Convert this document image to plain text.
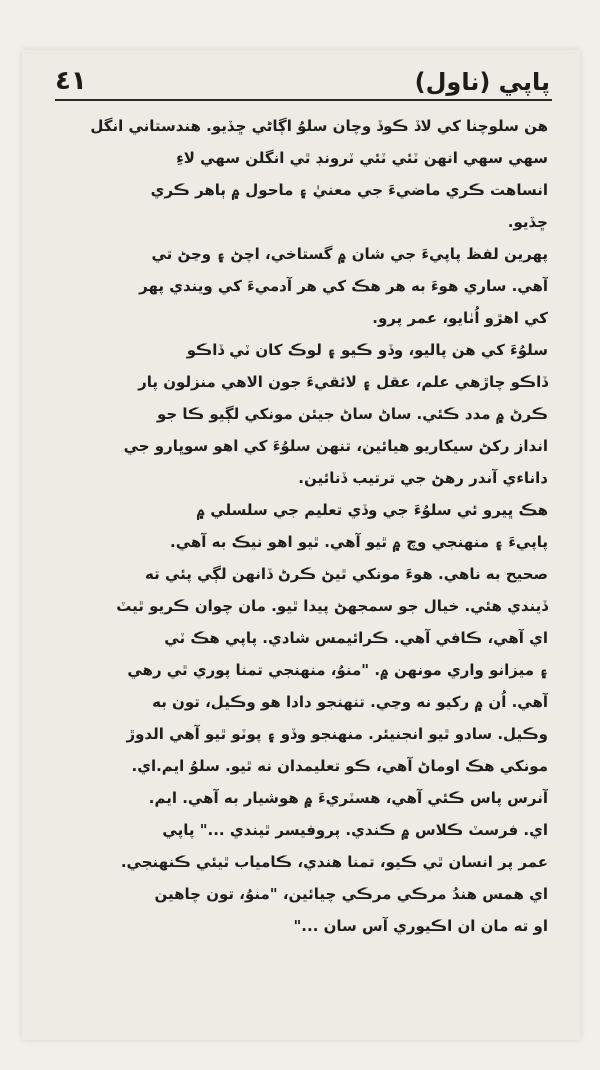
پاپي (ناول)
٤١
هن سلوچنا کي لاڏ ڪوڏ وچان سلوُ اڳاڻي ڇڏيو. هندستاني انگل
سهي سهي انهن ٽئي ٽئي ٽرونڊ ٿي انگلن سهي لاءِ
انساهت ڪري ماضيءَ جي معنيٰ ۽ ماحول ۾ ٻاهر ڪري
ڇڏيو.
پهرين لفظ پاپيءَ جي شان ۾ گستاخي، اچڻ ۽ وڃڻ تي
آهي. ساري هوءَ به هر هڪ کي هر آدميءَ کي ويندي پهر
کي اهڙو اُٺايو، عمر پرو.
سلوُءَ کي هن پاليو، وڏو ڪيو ۽ لوڪ کان ٽي ڏاڪو
ڏاڪو چاڙهي علم، عقل ۽ لائقيءَ جون الاهي منزلون پار
ڪرڻ ۾ مدد ڪئي. ساڻ ساڻ جيئن مونکي لڳيو ڪا جو
انداز رکڻ سيکاريو هيائين، تنهن سلوُءَ کي اهو سوڀارو جي
داناءي آندر رهڻ جي ترتيب ڏنائين.
هڪ ڀيرو ئي سلوُءَ جي وڏي تعليم جي سلسلي ۾
پاپيءَ ۽ منهنجي وچ ۾ ٿيو آهي. ٿيو اهو نيڪ به آهي.
صحيح به ناهي. هوءَ مونکي ٿيڻ ڪرڻ ڏانهن لڳي پئي ته
ڏيندي هئي. خيال جو سمجهڻ پيدا ٿيو. مان چوان ڪريو ٿيٽ
اي آهي، ڪافي آهي. ڪرائيمس شادي. پاپي هڪ ٽي
۽ ميزانو واري مونهن ۾. "منوُ، منهنجي تمنا پوري ٿي رهي
آهي. اُن ۾ رکيو نه وڃي. تنهنجو دادا هو وڪيل، تون به
وڪيل. سادو ٿيو انجنيئر. منهنجو وڏو ۽ پوٽو ٿيو آهي الدوڙ
مونکي هڪ اوماڻ آهي، ڪو تعليمدان نه ٿيو. سلوُ ايم.اي.
آنرس پاس ڪئي آهي، هسٽريءَ ۾ هوشيار به آهي. ايم.
اي. فرسٽ ڪلاس ۾ ڪندي. پروفيسر ٿيندي ..." پاپي
عمر پر انسان ٿي ڪيو، تمنا هندي، ڪامياب ٿيئي ڪنهنجي.
اي همس هندُ مرڪي مرڪي چيائين، "منوُ، تون چاهين
او ته مان ان اڪيوري آس سان ..."
